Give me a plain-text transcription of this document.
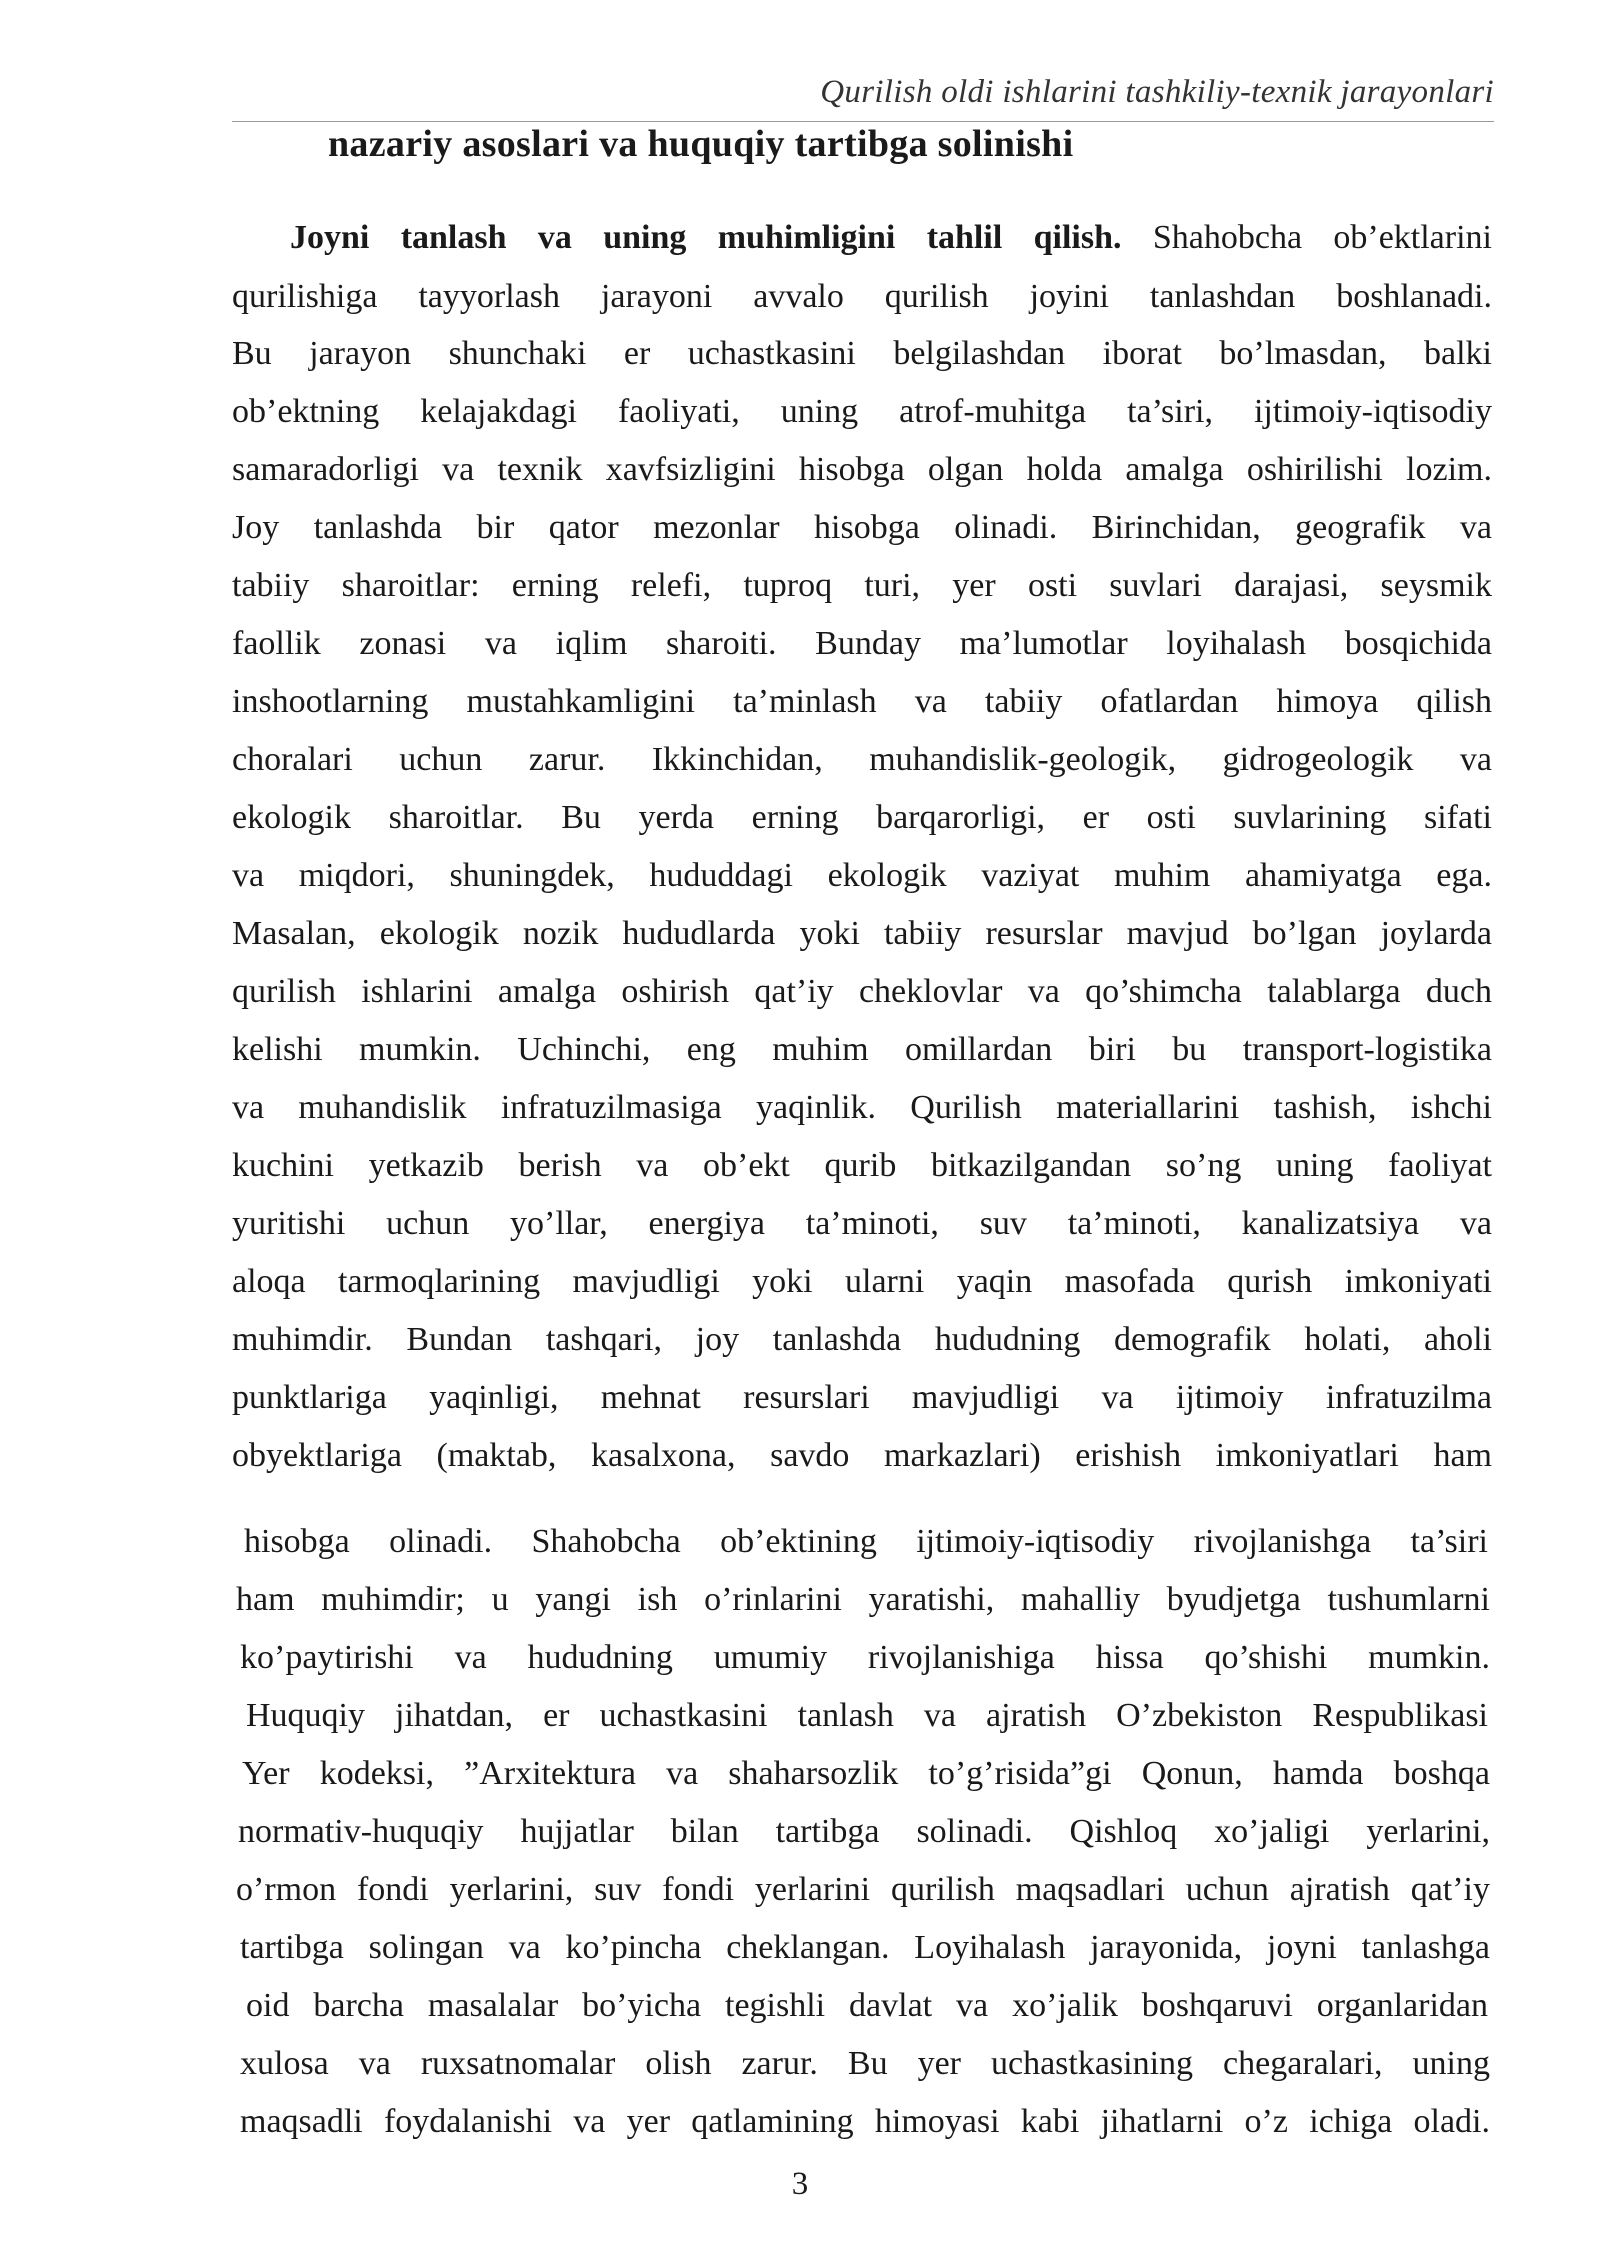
Qurilish oldi ishlarini tashkiliy-texnik jarayonlari
nazariy asoslari va huquqiy tartibga solinishi
Joyni tanlash va uning muhimligini tahlil qilish. Shahobcha ob’ektlarini
qurilishiga tayyorlash jarayoni avvalo qurilish joyini tanlashdan boshlanadi.
Bu jarayon shunchaki er uchastkasini belgilashdan iborat bo’lmasdan, balki
ob’ektning kelajakdagi faoliyati, uning atrof-muhitga ta’siri, ijtimoiy-iqtisodiy
samaradorligi va texnik xavfsizligini hisobga olgan holda amalga oshirilishi lozim.
Joy tanlashda bir qator mezonlar hisobga olinadi. Birinchidan, geografik va
tabiiy sharoitlar: erning relefi, tuproq turi, yer osti suvlari darajasi, seysmik
faollik zonasi va iqlim sharoiti. Bunday ma’lumotlar loyihalash bosqichida
inshootlarning mustahkamligini ta’minlash va tabiiy ofatlardan himoya qilish
choralari uchun zarur. Ikkinchidan, muhandislik-geologik, gidrogeologik va
ekologik sharoitlar. Bu yerda erning barqarorligi, er osti suvlarining sifati
va miqdori, shuningdek, hududdagi ekologik vaziyat muhim ahamiyatga ega.
Masalan, ekologik nozik hududlarda yoki tabiiy resurslar mavjud bo’lgan joylarda
qurilish ishlarini amalga oshirish qat’iy cheklovlar va qo’shimcha talablarga duch
kelishi mumkin. Uchinchi, eng muhim omillardan biri bu transport-logistika
va muhandislik infratuzilmasiga yaqinlik. Qurilish materiallarini tashish, ishchi
kuchini yetkazib berish va ob’ekt qurib bitkazilgandan so’ng uning faoliyat
yuritishi uchun yo’llar, energiya ta’minoti, suv ta’minoti, kanalizatsiya va
aloqa tarmoqlarining mavjudligi yoki ularni yaqin masofada qurish imkoniyati
muhimdir. Bundan tashqari, joy tanlashda hududning demografik holati, aholi
punktlariga yaqinligi, mehnat resurslari mavjudligi va ijtimoiy infratuzilma
obyektlariga (maktab, kasalxona, savdo markazlari) erishish imkoniyatlari ham
hisobga olinadi. Shahobcha ob’ektining ijtimoiy-iqtisodiy rivojlanishga ta’siri
ham muhimdir; u yangi ish o’rinlarini yaratishi, mahalliy byudjetga tushumlarni
ko’paytirishi va hududning umumiy rivojlanishiga hissa qo’shishi mumkin.
Huquqiy jihatdan, er uchastkasini tanlash va ajratish O’zbekiston Respublikasi
Yer kodeksi, ”Arxitektura va shaharsozlik to’g’risida”gi Qonun, hamda boshqa
normativ-huquqiy hujjatlar bilan tartibga solinadi. Qishloq xo’jaligi yerlarini,
o’rmon fondi yerlarini, suv fondi yerlarini qurilish maqsadlari uchun ajratish qat’iy
tartibga solingan va ko’pincha cheklangan. Loyihalash jarayonida, joyni tanlashga
oid barcha masalalar bo’yicha tegishli davlat va xo’jalik boshqaruvi organlaridan
xulosa va ruxsatnomalar olish zarur. Bu yer uchastkasining chegaralari, uning
maqsadli foydalanishi va yer qatlamining himoyasi kabi jihatlarni o’z ichiga oladi.
3
